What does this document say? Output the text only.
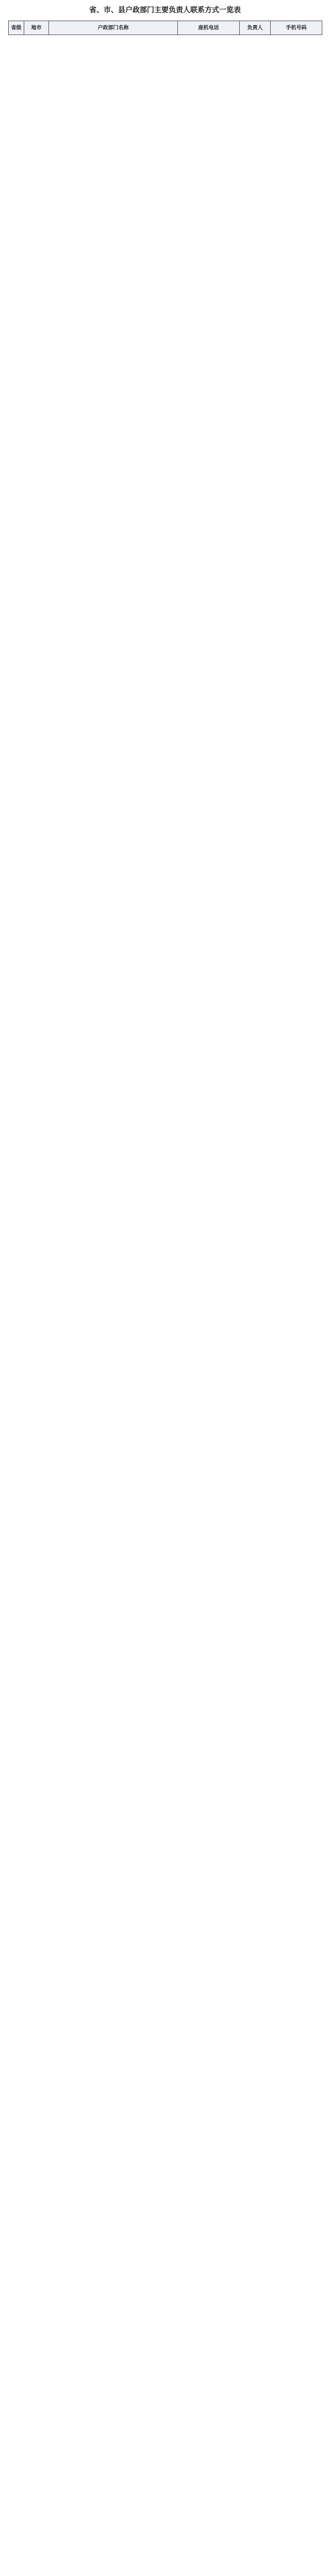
省、市、县户政部门主要负责人联系方式一览表
省级	地市	户政部门名称	座机电话	负责人	手机号码
